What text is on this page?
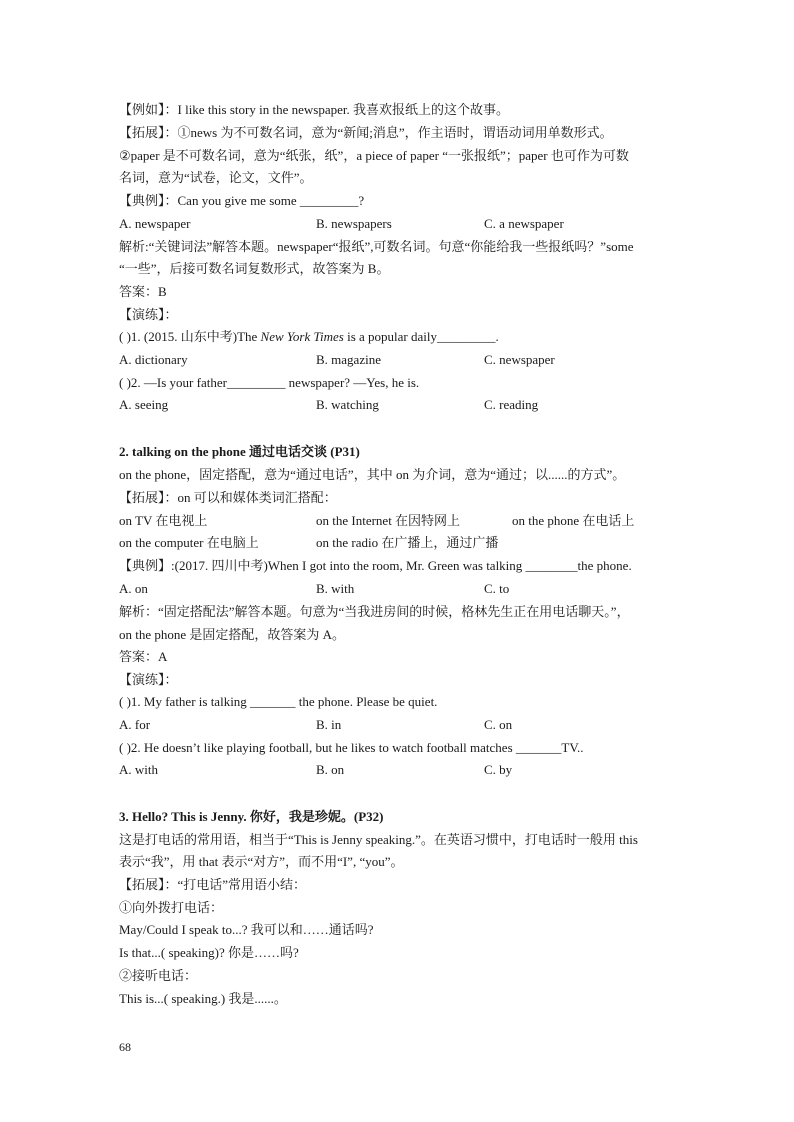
【例如】：I like this story in the newspaper. 我喜欢报纸上的这个故事。
【拓展】：①news 为不可数名词，意为“新闻;消息”，作主语时，谓语动词用单数形式。
②paper 是不可数名词，意为“纸张，纸”，a piece of paper “一张报纸”；paper 也可作为可数
名词，意为“试卷，论文，文件”。
【典例】：Can you give me some _________?
A. newspaper	B. newspapers	C. a newspaper
解析:“关键词法”解答本题。newspaper“报纸”,可数名词。句意“你能给我一些报纸吗？”some
“一些”，后接可数名词复数形式，故答案为 B。
答案：B
【演练】：
( )1. (2015. 山东中考)The New York Times is a popular daily_________.
A. dictionary	B. magazine	C. newspaper
( )2. —Is your father_________ newspaper? —Yes, he is.
A. seeing	B. watching	C. reading
2. talking on the phone 通过电话交谈 (P31)
on the phone，固定搭配，意为“通过电话”，其中 on 为介词，意为“通过；以......的方式”。
【拓展】：on 可以和媒体类词汇搭配：
on TV 在电视上	on the Internet 在因特网上	on the phone 在电话上
on the computer 在电脑上	on the radio 在广播上，通过广播
【典例】:(2017. 四川中考)When I got into the room, Mr. Green was talking ________the phone.
A. on	B. with	C. to
解析：“固定搭配法”解答本题。句意为“当我进房间的时候，格林先生正在用电话聊天。”，
on the phone 是固定搭配，故答案为 A。
答案：A
【演练】：
( )1. My father is talking _______ the phone. Please be quiet.
A. for	B. in	C. on
( )2. He doesn’t like playing football, but he likes to watch football matches _______TV..
A. with	B. on	C. by
3. Hello? This is Jenny. 你好，我是珍妮。(P32)
这是打电话的常用语，相当于“This is Jenny speaking.”。在英语习惯中，打电话时一般用 this
表示“我”，用 that 表示“对方”，而不用“I”, “you”。
【拓展】：“打电话”常用语小结：
①向外拨打电话：
May/Could I speak to...? 我可以和……通话吗?
Is that...( speaking)? 你是……吗?
②接听电话：
This is...( speaking.) 我是......。
68
